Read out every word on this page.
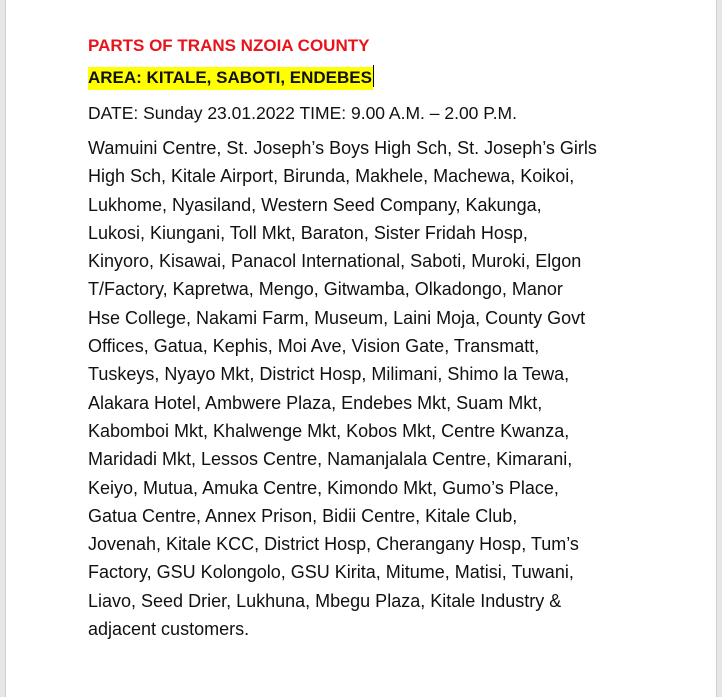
PARTS OF TRANS NZOIA COUNTY

AREA: KITALE, SABOTI, ENDEBES
DATE: Sunday 23.01.2022 TIME: 9.00 A.M. – 2.00 P.M.
Wamuini Centre, St. Joseph’s Boys High Sch, St. Joseph’s Girls
High Sch, Kitale Airport, Birunda, Makhele, Machewa, Koikoi,
Lukhome, Nyasiland, Western Seed Company, Kakunga,
Lukosi, Kiungani, Toll Mkt, Baraton, Sister Fridah Hosp,
Kinyoro, Kisawai, Panacol International, Saboti, Muroki, Elgon
T/Factory, Kapretwa, Mengo, Gitwamba, Olkadongo, Manor
Hse College, Nakami Farm, Museum, Laini Moja, County Govt
Offices, Gatua, Kephis, Moi Ave, Vision Gate, Transmatt,
Tuskeys, Nyayo Mkt, District Hosp, Milimani, Shimo la Tewa,
Alakara Hotel, Ambwere Plaza, Endebes Mkt, Suam Mkt,
Kabomboi Mkt, Khalwenge Mkt, Kobos Mkt, Centre Kwanza,
Maridadi Mkt, Lessos Centre, Namanjalala Centre, Kimarani,
Keiyo, Mutua, Amuka Centre, Kimondo Mkt, Gumo’s Place,
Gatua Centre, Annex Prison, Bidii Centre, Kitale Club,
Jovenah, Kitale KCC, District Hosp, Cherangany Hosp, Tum’s
Factory, GSU Kolongolo, GSU Kirita, Mitume, Matisi, Tuwani,
Liavo, Seed Drier, Lukhuna, Mbegu Plaza, Kitale Industry &
adjacent customers.
